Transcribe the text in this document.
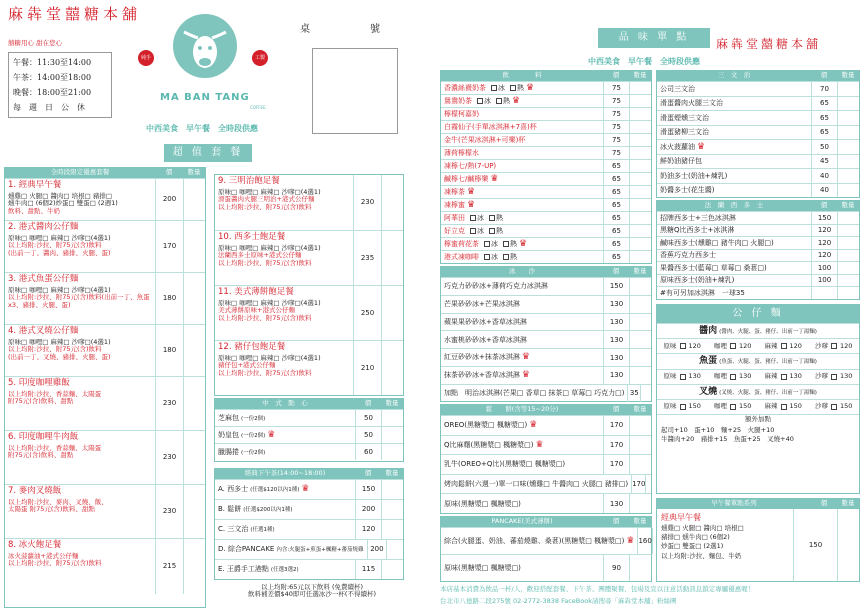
麻犇堂囍糖本舖
囍糖用心 甜在您心
午餐：11:30至14:00
午茶：14:00至18:00
晚餐：18:00至21:00
每　週　日　公　休
純手	工製
MA BAN TANG
COFFEE
中西美食　早午餐　全時段供應
桌	號
超 值 套 餐
全時段限定優惠套餐	價	數量
1. 經典早午餐
燻雞□ 火腿□ 醬肉□ 培根□ 豬排□
燻牛肉□ (6個2)炒蛋□ 雙蛋□ (2週1)
飲料、甜點、牛奶
200
2. 港式醬肉公仔麵
原味□ 咖哩□ 麻辣□ 沙嗲□(4選1)
以上均附:沙拉、附75元(含)飲料
(出前一丁、醬肉、豬排、火腿、蛋)
170
3. 港式魚蛋公仔麵
原味□ 咖哩□ 麻辣□ 沙嗲□(4選1)
以上均附:沙拉、附75元(含)飲料(出前一丁、魚蛋x3、豬排、火腿、蛋)
180
4. 港式叉燒公仔麵
原味□ 咖哩□ 麻辣□ 沙嗲□(4選1)
以上均附:沙拉、附75元(含)飲料
(出前一丁、叉燒、豬排、火腿、蛋)
180
5. 印度咖哩雞飯
以上均附:沙拉、香蒜麵、太陽蛋
附75元(含)飲料、甜點	230
6. 印度咖哩牛肉飯
以上均附:沙拉、香蒜麵、太陽蛋
附75元(含)飲料、甜點	230
7. 麥肉叉燒飯
以上均附:沙拉、麥肉、叉燒、飯、
太陽蛋 附75元(含)飲料、甜點	230
8. 冰火飽足餐
冰火菠蘿油+港式公仔麵
以上均附:沙拉、附75元(含)飲料	215
9. 三明治飽足餐
原味□ 咖哩□ 麻辣□ 沙嗲□(4選1)
滑蛋醬肉火腿三明治+港式公仔麵
以上均附:沙拉、附75元(含)飲料
230
10. 西多士飽足餐
原味□ 咖哩□ 麻辣□ 沙嗲□(4選1)
法蘭西多士原味+港式公仔麵
以上均附:沙拉、附75元(含)飲料
235
11. 美式薄餅飽足餐
原味□ 咖哩□ 麻辣□ 沙嗲□(4選1)
美式薄餅原味+港式公仔麵
以上均附:沙拉、附75元(含)飲料
250
12. 豬仔包飽足餐
原味□ 咖哩□ 麻辣□ 沙嗲□(4選1)
豬仔包+港式公仔麵
以上均附:沙拉、附75元(含)飲料
210
中　式　點　心	價	數量
芝麻包 (一份2個)	50
奶皇包 (一份2個) ♛	50
臘腸捲 (一份2個)	60
經典下午茶(14:00~18:00)	價	數量
A. 西多士 (任選$120以內1種) ♛	150
B. 鬆餅 (任選$200以內1種)	200
C. 三文治 (任選1種)	120
D. 綜合PANCAKE 內含:火腿蛋+煎蛋+楓糖+蕃茄燒雞 200
E. 王爵手工港點 (任選3選2)	115
以上均附:65元以下飲料 (免費續杯)
飲料補差價$40即可任選冰沙一杯(不得續杯)
品 味 單 點	麻犇堂囍糖本舖
中西美食　早午餐　全時段供應
飲　　　　料	價	數量
香濃絲襪奶茶 冰 熱 ♛	75
鴛鴦奶茶 冰 熱 ♛	75
檸檬柯嘉奶	75
白霧仙子(手單冰淇淋+7喜)杯	75
金牛(芒果冰淇淋+可樂)杯	75
薄荷檸檬水	75
凍檸七/熱(7-UP)	65
鹹檸七/鹹檸樂 ♛	65
凍檸茶 ♛	65
凍檸蜜 ♛	65
阿華田 冰 熱	65
好立克 冰 熱	65
檸蜜荷花茶 冰 熱 ♛	65
港式凍咖啡 冰 熱	65
冰　　沙	價	數量
巧克力砂砂冰+薄荷巧克力冰淇淋	150
芒果砂砂冰+芒果冰淇淋	130
蘋果果砂砂冰+香草冰淇淋	130
水蜜桃砂砂冰+香草冰淇淋	130
紅豆砂砂冰+抹茶冰淇淋 ♛	130
抹茶砂砂冰+香草冰淇淋 ♛	130
加點　明治冰淇淋(芒果□ 香草□ 抹茶□ 草莓□ 巧克力□) 35
鬆　　餅(含等15~20分)	價	數量
OREO(黑糖漿□ 楓糖漿□) ♛	170
Q比麻糬(黑糖漿□ 楓糖漿□) ♛	170
乳牛(OREO+Q比)(黑糖漿□ 楓糖漿□)	170
烤肉鬆餅(六週一)單一口味(燻雞□ 牛醬肉□ 火腿□ 豬排□) 170
原味(黑糖漿□ 楓糖漿□)	130
PANCAKE(美式薄餅)	價	數量
綜合(火腿蛋、奶油、蕃茄燒雞、桑葚)(黑糖漿□ 楓糖漿□) ♛ 160
原味(黑糖漿□ 楓糖漿□)	90
三　文　治	價	數量
公司三文治	70
滑蛋醬肉火腿三文治	65
滑蛋煙燻三文治	65
滑蛋豬柳三文治	65
冰火菠蘿油 ♛	50
鮮奶油豬仔包	45
奶油多士(奶油+煉乳)	40
奶醬多士(花生醬)	40
法　蘭　西　多　士	價	數量
招牌西多士+三色冰淇淋	150
黑糖Q比西多士+冰淇淋	120
鹹味西多士(燻雞□ 豬牛肉□ 火腿□)	120
香蕉巧克力西多士	120
果醬西多士(藍莓□ 草莓□ 桑葚□)	100
原味西多士(奶油+煉乳)	100
#有可另加冰淇淋　一球35
公 仔 麵
醬肉 (醬肉、火腿、蛋、豬仔、出前一丁湯麵)
原味 120 咖哩 120 麻辣 120 沙嗲 120
魚蛋 (魚蛋、火腿、蛋、豬仔、出前一丁湯麵)
原味 130 咖哩 130 麻辣 130 沙嗲 130
叉燒 (叉燒、火腿、蛋、豬仔、出前一丁湯麵)
原味 150 咖哩 150 麻辣 150 沙嗲 150
額外加點
起司+10　蛋+10　麵+25　火腿+10
牛醬肉+20　豬排+15　魚蛋+25　叉燒+40
早午餐單點系列	價	數量
經典早午餐
燻雞□ 火腿□ 醬肉□ 培根□
豬排□ 燻牛肉□ (6個2)
炒蛋□ 雙蛋□ (2選1)
以上均附:沙拉、麵包、牛奶
150
本店基本消費為飲品一杯/人，歡迎搭配套餐、下午茶、團體聚餐、包場及宣以注意活動訊息鎖定專屬優惠喔！
台北市八德路二段275號 02-2772-3838 FaceBook請搜尋「麻犇堂本舖」粉絲團
